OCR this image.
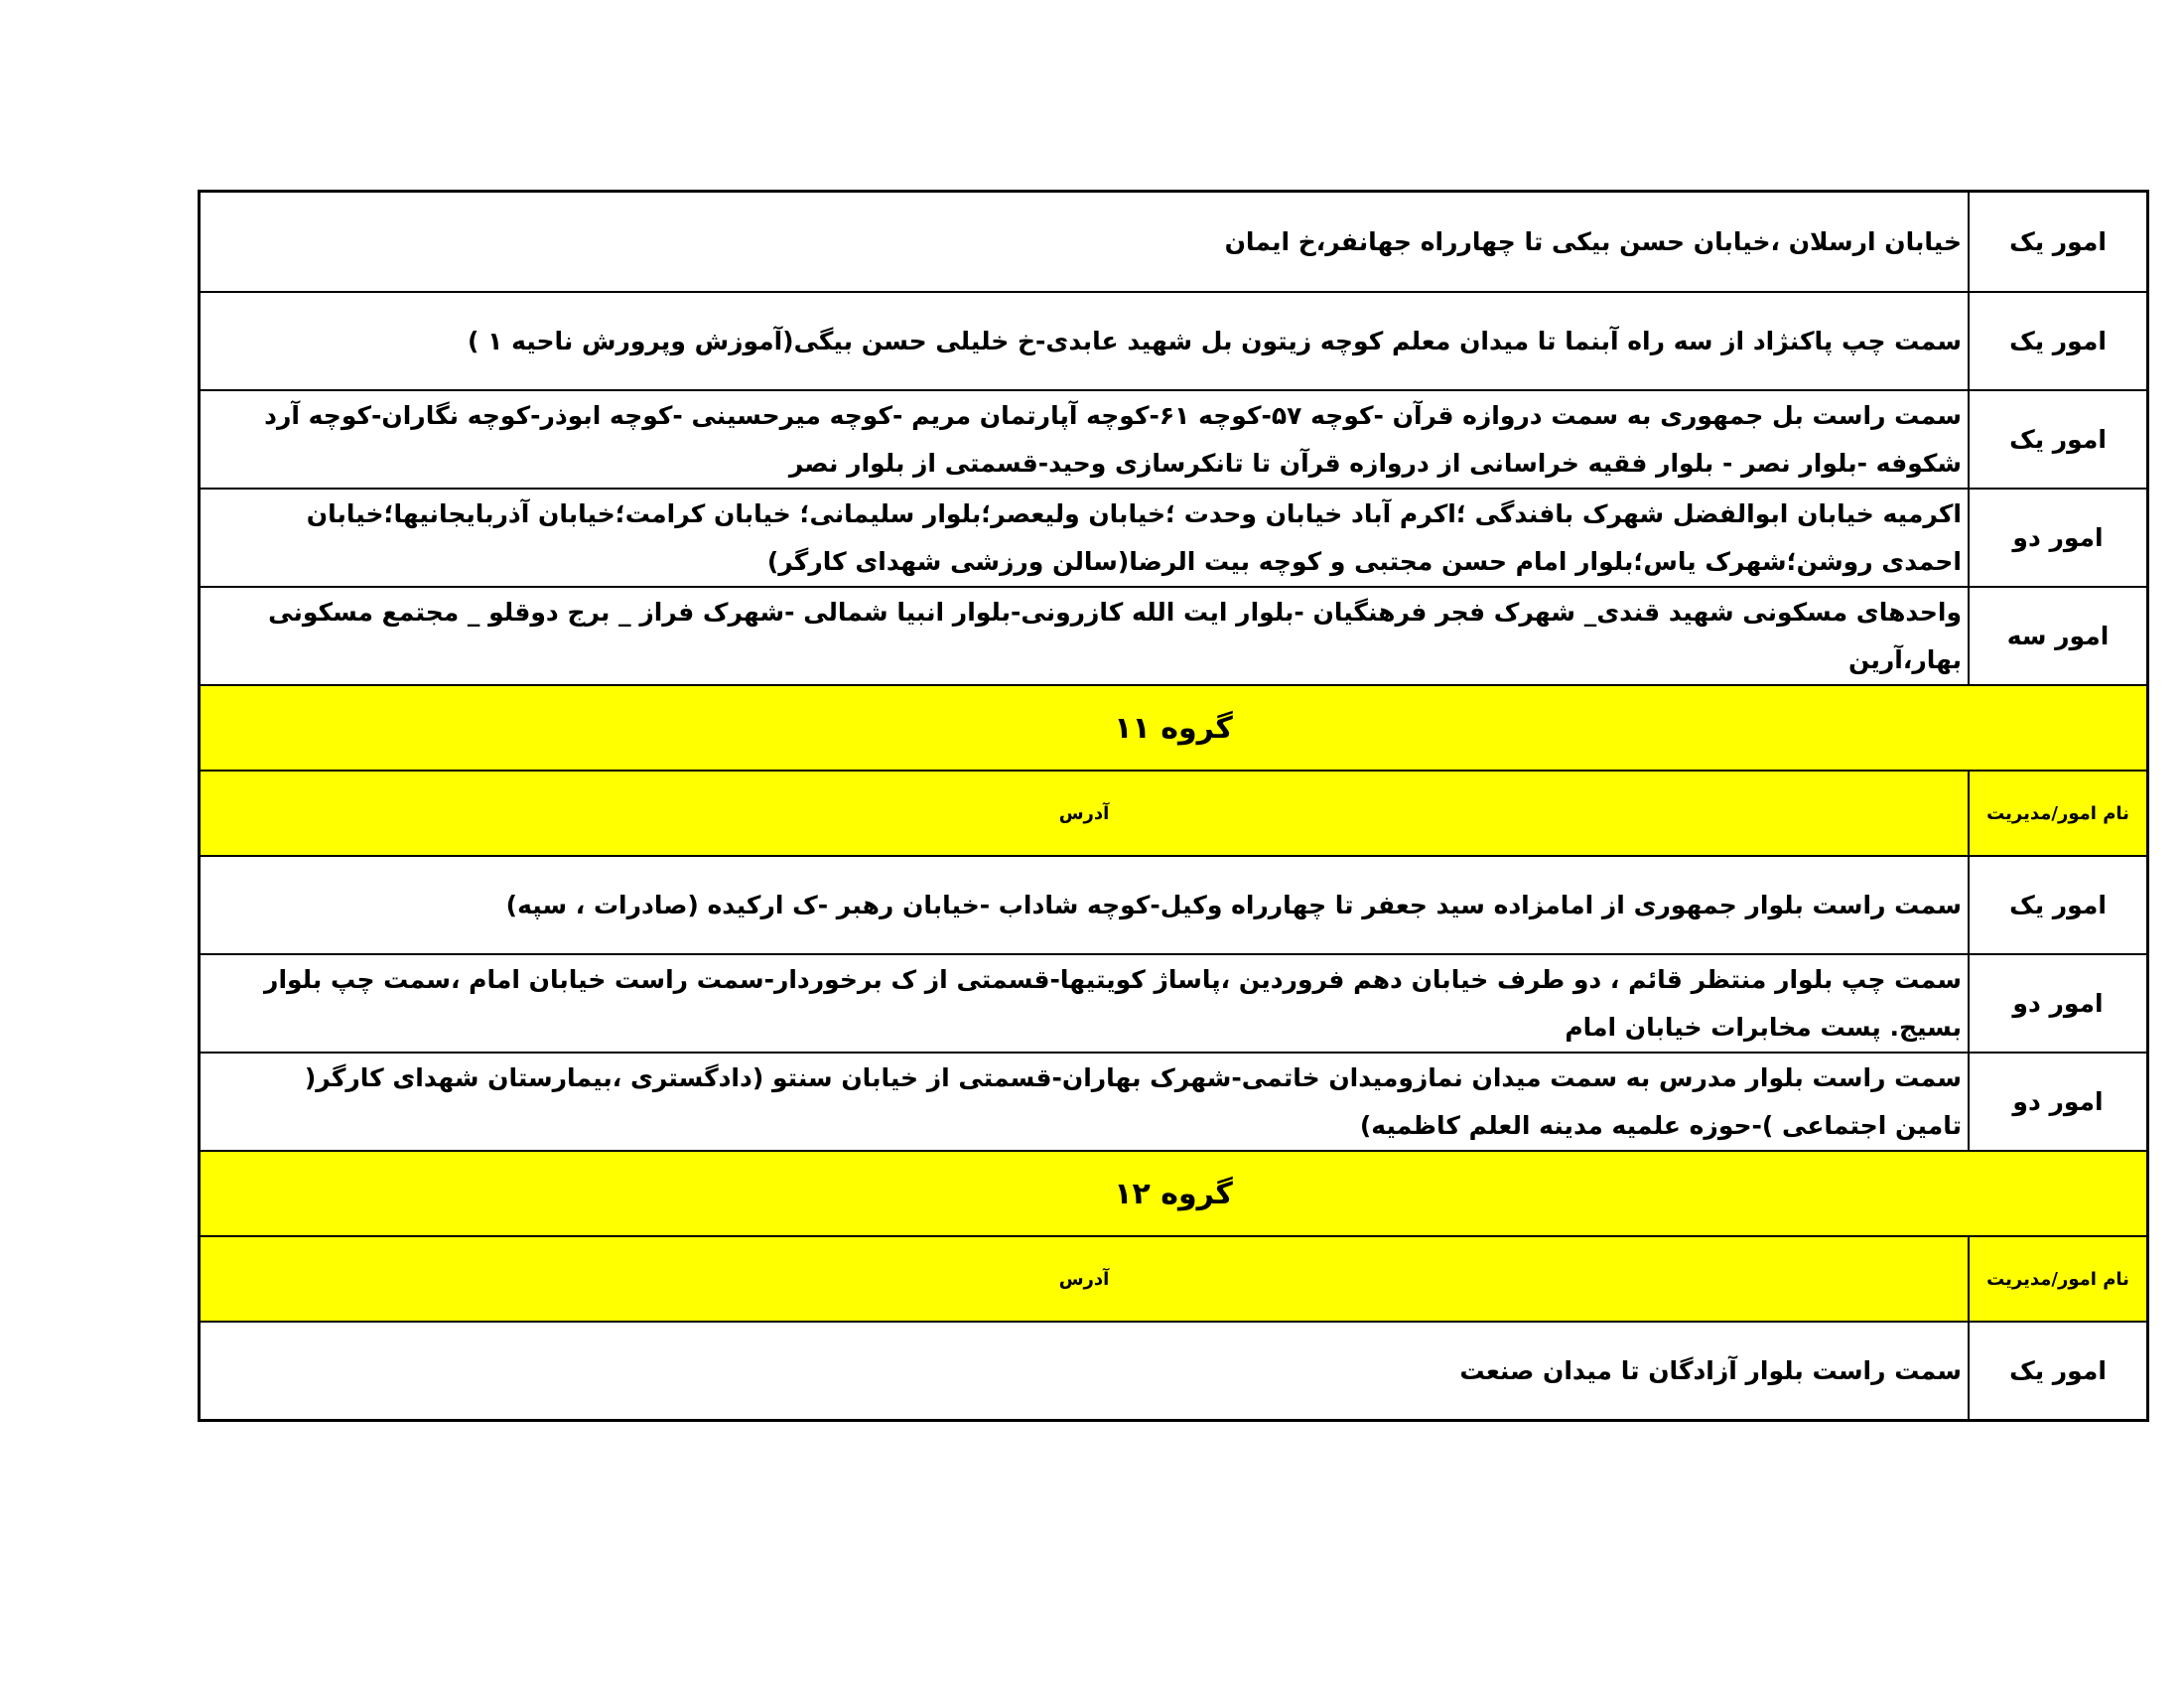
امور یک
خیابان ارسلان ،خیابان حسن بیکی تا چهارراه جهانفر،خ ایمان
امور یک
سمت چپ پاکنژاد از سه راه آبنما تا میدان معلم کوچه زیتون بل شهید عابدی-خ خلیلی حسن بیگی(آموزش وپرورش ناحیه ۱ )
امور یک
سمت راست بل جمهوری به سمت دروازه قرآن -کوچه ۵۷-کوچه ۶۱-کوچه آپارتمان مریم -کوچه میرحسینی -کوچه ابوذر-کوچه نگاران-کوچه آرد شکوفه -بلوار نصر - بلوار فقیه خراسانی از دروازه قرآن تا تانکرسازی وحید-قسمتی از بلوار نصر
امور دو
اکرمیه خیابان ابوالفضل شهرک بافندگی ؛اکرم آباد خیابان وحدت ؛خیابان ولیعصر؛بلوار سلیمانی؛ خیابان کرامت؛خیابان آذربایجانیها؛خیابان احمدی روشن؛شهرک یاس؛بلوار امام حسن مجتبی و کوچه بیت الرضا(سالن ورزشی شهدای کارگر)
امور سه
واحدهای مسکونی شهید قندی_ شهرک فجر فرهنگیان -بلوار ایت الله کازرونی-بلوار انبیا شمالی -شهرک فراز _ برج دوقلو _ مجتمع مسکونی بهار،آرین
گروه ۱۱
نام امور/مدیریت
آدرس
امور یک
سمت راست بلوار جمهوری از امامزاده سید جعفر تا چهارراه وکیل-کوچه شاداب -خیابان رهبر -ک ارکیده (صادرات ، سپه)
امور دو
سمت چپ بلوار منتظر قائم ، دو طرف خیابان دهم فروردین ،پاساژ کویتیها-قسمتی از ک برخوردار-سمت راست خیابان امام ،سمت چپ بلوار بسیج. پست مخابرات خیابان امام
امور دو
سمت راست بلوار مدرس به سمت میدان نمازومیدان خاتمی-شهرک بهاران-قسمتی از خیابان سنتو (دادگستری ،بیمارستان شهدای کارگر( تامین اجتماعی )-حوزه علمیه مدینه العلم کاظمیه)
گروه ۱۲
نام امور/مدیریت
آدرس
امور یک
سمت راست بلوار آزادگان تا میدان صنعت
